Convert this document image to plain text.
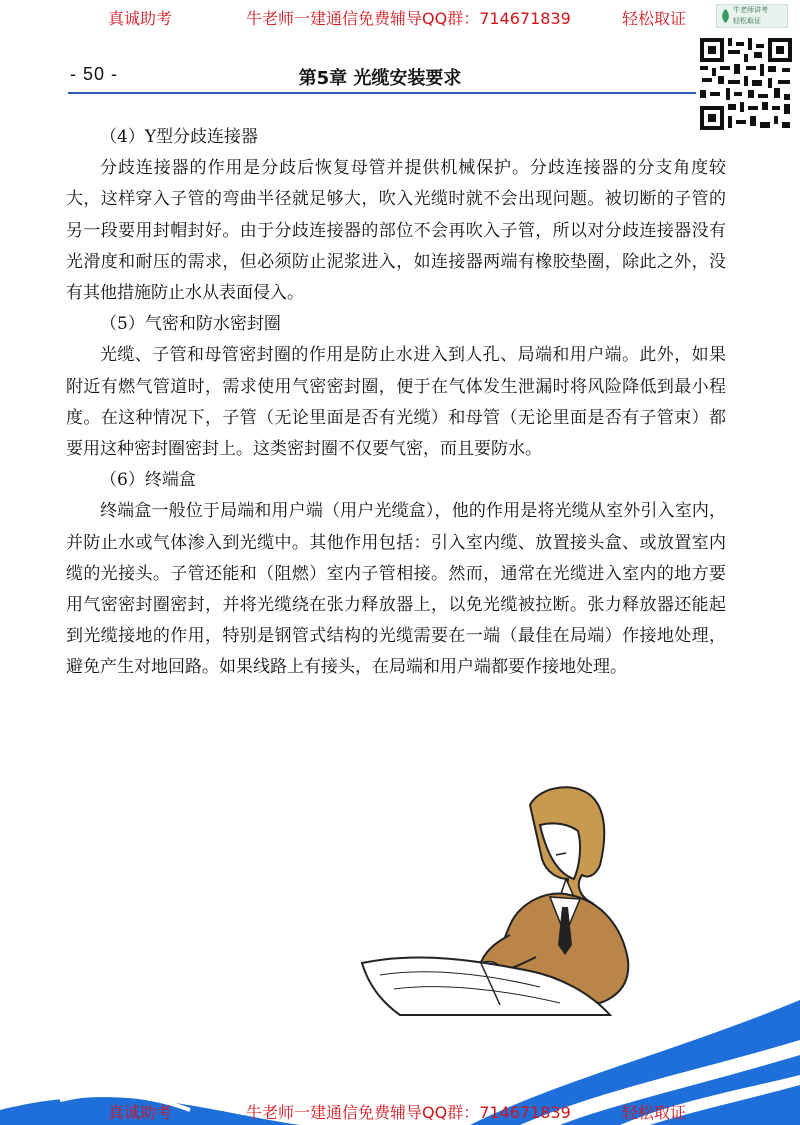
真诚助考	牛老师一建通信免费辅导QQ群：714671839	轻松取证	牛老师讲考
轻松取证
- 50 -	第5章 光缆安装要求

（4）Y型分歧连接器

分歧连接器的作用是分歧后恢复母管并提供机械保护。分歧连接器的分支角度较大，这样穿入子管的弯曲半径就足够大，吹入光缆时就不会出现问题。被切断的子管的另一段要用封帽封好。由于分歧连接器的部位不会再吹入子管，所以对分歧连接器没有光滑度和耐压的需求，但必须防止泥浆进入，如连接器两端有橡胶垫圈，除此之外，没有其他措施防止水从表面侵入。

（5）气密和防水密封圈

光缆、子管和母管密封圈的作用是防止水进入到人孔、局端和用户端。此外，如果附近有燃气管道时，需求使用气密密封圈，便于在气体发生泄漏时将风险降低到最小程度。在这种情况下，子管（无论里面是否有光缆）和母管（无论里面是否有子管束）都要用这种密封圈密封上。这类密封圈不仅要气密，而且要防水。

（6）终端盒

终端盒一般位于局端和用户端（用户光缆盒），他的作用是将光缆从室外引入室内，并防止水或气体渗入到光缆中。其他作用包括：引入室内缆、放置接头盒、或放置室内缆的光接头。子管还能和（阻燃）室内子管相接。然而，通常在光缆进入室内的地方要用气密密封圈密封，并将光缆绕在张力释放器上，以免光缆被拉断。张力释放器还能起到光缆接地的作用，特别是钢管式结构的光缆需要在一端（最佳在局端）作接地处理，避免产生对地回路。如果线路上有接头，在局端和用户端都要作接地处理。

真诚助考	牛老师一建通信免费辅导QQ群：714671839	轻松取证
